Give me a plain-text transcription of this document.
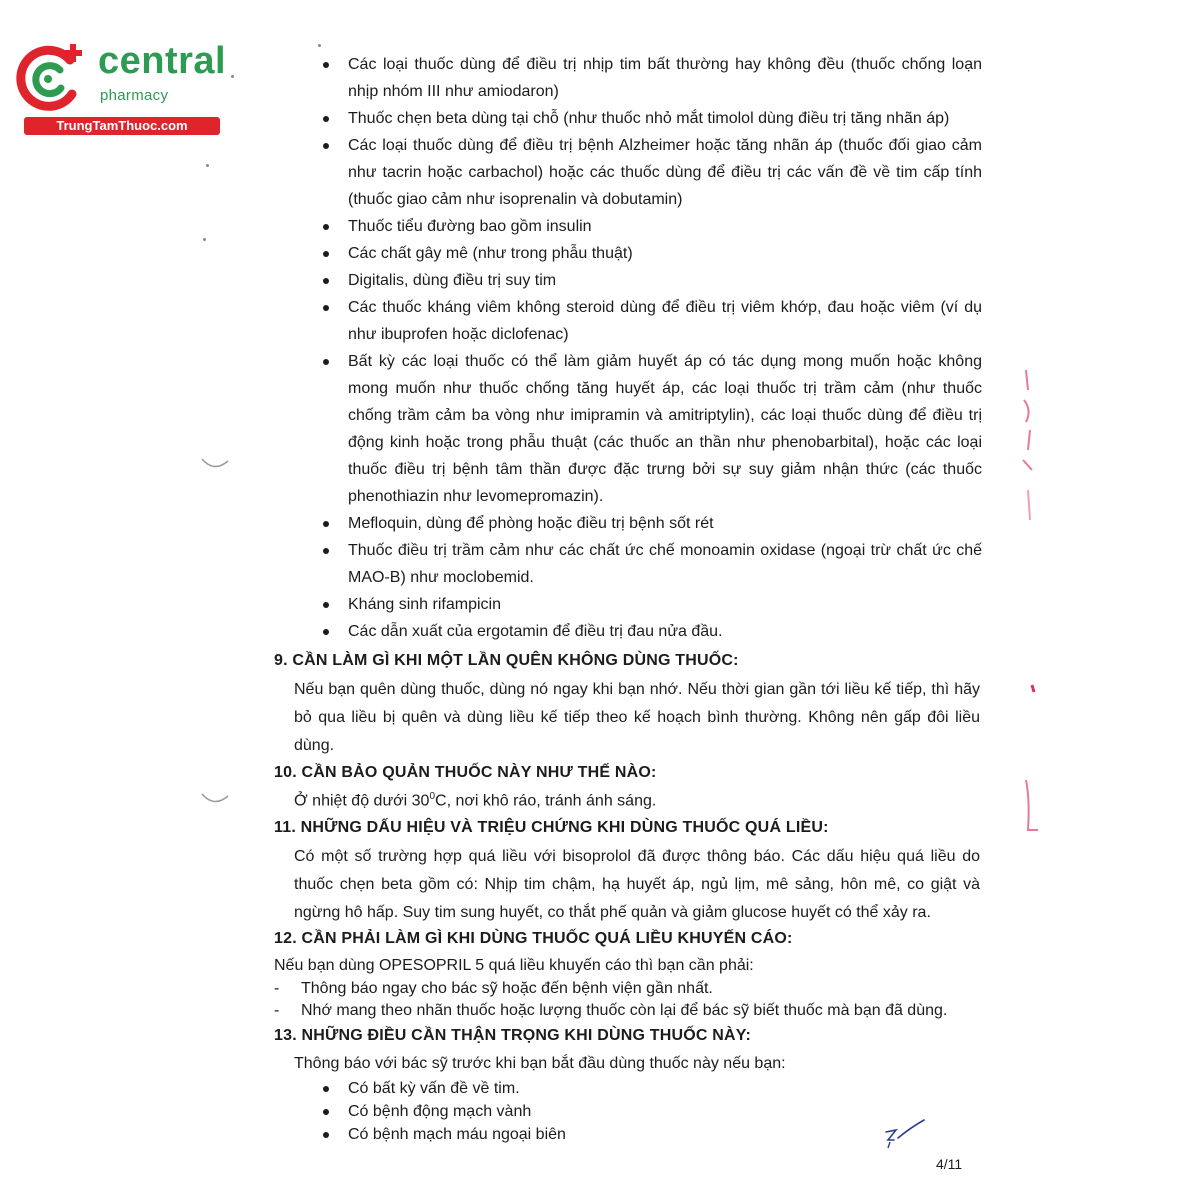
central
pharmacy
TrungTamThuoc.com
Các loại thuốc dùng để điều trị nhịp tim bất thường hay không đều (thuốc chống loạn nhịp nhóm III như amiodaron)
Thuốc chẹn beta dùng tại chỗ (như thuốc nhỏ mắt timolol dùng điều trị tăng nhãn áp)
Các loại thuốc dùng để điều trị bệnh Alzheimer hoặc tăng nhãn áp (thuốc đối giao cảm như tacrin hoặc carbachol) hoặc các thuốc dùng để điều trị các vấn đề về tim cấp tính (thuốc giao cảm như isoprenalin và dobutamin)
Thuốc tiểu đường bao gồm insulin
Các chất gây mê (như trong phẫu thuật)
Digitalis, dùng điều trị suy tim
Các thuốc kháng viêm không steroid dùng để điều trị viêm khớp, đau hoặc viêm (ví dụ như ibuprofen hoặc diclofenac)
Bất kỳ các loại thuốc có thể làm giảm huyết áp có tác dụng mong muốn hoặc không mong muốn như thuốc chống tăng huyết áp, các loại thuốc trị trầm cảm (như thuốc chống trầm cảm ba vòng như imipramin và amitriptylin), các loại thuốc dùng để điều trị động kinh hoặc trong phẫu thuật (các thuốc an thần như phenobarbital), hoặc các loại thuốc điều trị bệnh tâm thần được đặc trưng bởi sự suy giảm nhận thức (các thuốc phenothiazin như levomepromazin).
Mefloquin, dùng để phòng hoặc điều trị bệnh sốt rét
Thuốc điều trị trầm cảm như các chất ức chế monoamin oxidase (ngoại trừ chất ức chế MAO-B) như moclobemid.
Kháng sinh rifampicin
Các dẫn xuất của ergotamin để điều trị đau nửa đầu.
9. CẦN LÀM GÌ KHI MỘT LẦN QUÊN KHÔNG DÙNG THUỐC:

Nếu bạn quên dùng thuốc, dùng nó ngay khi bạn nhớ. Nếu thời gian gần tới liều kế tiếp, thì hãy bỏ qua liều bị quên và dùng liều kế tiếp theo kế hoạch bình thường. Không nên gấp đôi liều dùng.

10. CẦN BẢO QUẢN THUỐC NÀY NHƯ THẾ NÀO:
Ở nhiệt độ dưới $30^0C$, nơi khô ráo, tránh ánh sáng.
11. NHỮNG DẤU HIỆU VÀ TRIỆU CHỨNG KHI DÙNG THUỐC QUÁ LIỀU:

Có một số trường hợp quá liều với bisoprolol đã được thông báo. Các dấu hiệu quá liều do thuốc chẹn beta gồm có: Nhịp tim chậm, hạ huyết áp, ngủ lịm, mê sảng, hôn mê, co giật và ngừng hô hấp. Suy tim sung huyết, co thắt phế quản và giảm glucose huyết có thể xảy ra.

12. CẦN PHẢI LÀM GÌ KHI DÙNG THUỐC QUÁ LIỀU KHUYẾN CÁO:
Nếu bạn dùng OPESOPRIL 5 quá liều khuyến cáo thì bạn cần phải:
- Thông báo ngay cho bác sỹ hoặc đến bệnh viện gần nhất.
- Nhớ mang theo nhãn thuốc hoặc lượng thuốc còn lại để bác sỹ biết thuốc mà bạn đã dùng.
13. NHỮNG ĐIỀU CẦN THẬN TRỌNG KHI DÙNG THUỐC NÀY:
Thông báo với bác sỹ trước khi bạn bắt đầu dùng thuốc này nếu bạn:
Có bất kỳ vấn đề về tim.
Có bệnh động mạch vành
Có bệnh mạch máu ngoại biên
4/11
